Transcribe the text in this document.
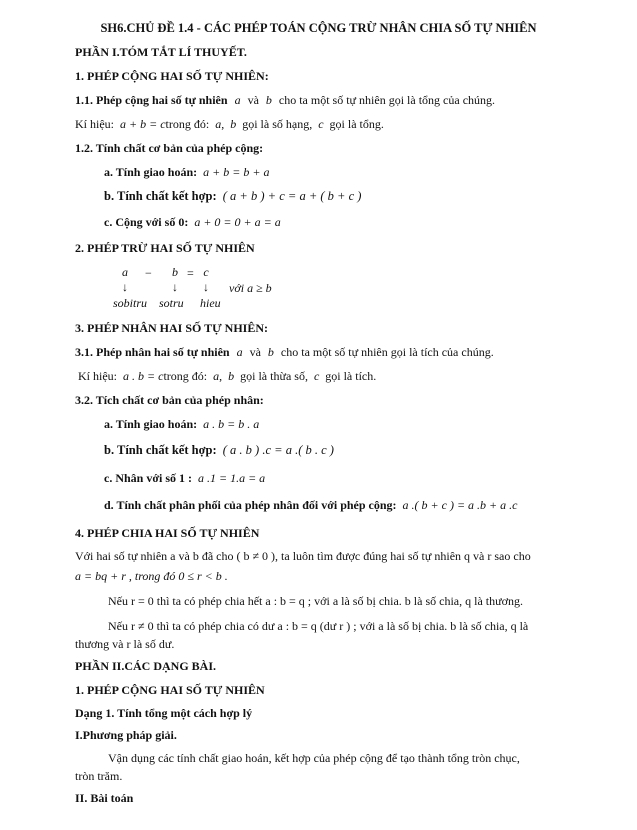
SH6.CHỦ ĐỀ 1.4 - CÁC PHÉP TOÁN CỘNG TRỪ NHÂN CHIA SỐ TỰ NHIÊN
PHẦN I.TÓM TẮT LÍ THUYẾT.
1. PHÉP CỘNG HAI SỐ TỰ NHIÊN:
1.1. Phép cộng hai số tự nhiên a và b cho ta một số tự nhiên gọi là tổng của chúng.
Kí hiệu: a + b = ctrong đó: a, b gọi là số hạng, c gọi là tổng.
1.2. Tính chất cơ bản của phép cộng:
a. Tính giao hoán: a + b = b + a
b. Tính chất kết hợp: ( a + b ) + c = a + ( b + c )
c. Cộng với số 0: a + 0 = 0 + a = a
2. PHÉP TRỪ HAI SỐ TỰ NHIÊN
a
↓
−	b
↓
= c
↓	với a ≥ b
sobitru sotru hieu
3. PHÉP NHÂN HAI SỐ TỰ NHIÊN:
3.1. Phép nhân hai số tự nhiên a và b cho ta một số tự nhiên gọi là tích của chúng.
Kí hiệu: a . b = ctrong đó: a, b gọi là thừa số, c gọi là tích.
3.2. Tích chất cơ bản của phép nhân:
a. Tính giao hoán: a . b = b . a
b. Tính chất kết hợp: ( a . b ) .c = a .( b . c )
c. Nhân với số 1 : a .1 = 1.a = a
d. Tính chất phân phối của phép nhân đối với phép cộng: a .( b + c ) = a .b + a .c
4. PHÉP CHIA HAI SỐ TỰ NHIÊN
Với hai số tự nhiên a và b đã cho ( b ≠ 0 ), ta luôn tìm được đúng hai số tự nhiên q và r sao cho
a = bq + r , trong đó 0 ≤ r < b .
Nếu r = 0 thì ta có phép chia hết a : b = q ; với a là số bị chia. b là số chia, q là thương.
Nếu r ≠ 0 thì ta có phép chia có dư a : b = q (dư r ) ; với a là số bị chia. b là số chia, q là
thương và r là số dư.
PHẦN II.CÁC DẠNG BÀI.
1. PHÉP CỘNG HAI SỐ TỰ NHIÊN
Dạng 1. Tính tổng một cách hợp lý
I.Phương pháp giải.
Vận dụng các tính chất giao hoán, kết hợp của phép cộng để tạo thành tổng tròn chục,
tròn trăm.
II. Bài toán
